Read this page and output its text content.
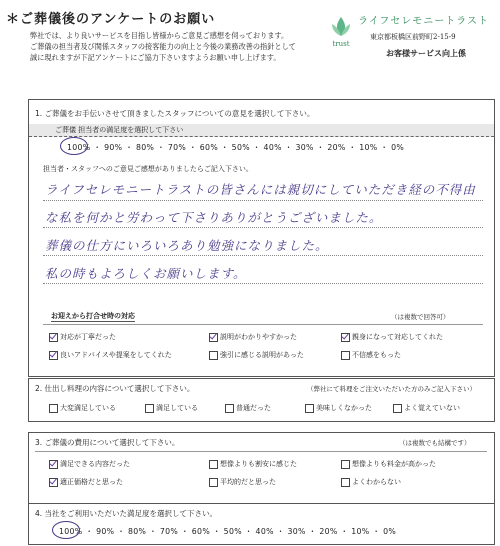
＊ご葬儀後のアンケートのお願い
弊社では、より良いサービスを目指し皆様からご意見ご感想を伺っております。
ご葬儀の担当者及び関係スタッフの接客能力の向上と今後の業務改善の指針として
誠に現れますが下記アンケートにご協力下さいますようお願い申し上げます。
trust
ライフセレモニートラスト
東京都板橋区前野町2-15-9
お客様サービス向上係
1. ご葬儀をお手伝いさせて頂きましたスタッフについての意見を選択して下さい。
ご葬儀 担当者の満足度を選択して下さい
100% ・ 90% ・ 80% ・ 70% ・ 60% ・ 50% ・ 40% ・ 30% ・ 20% ・ 10% ・ 0%
担当者・スタッフへのご意見ご感想がありましたらご記入下さい。
ライフセレモニートラストの皆さんには親切にしていただき経の不得由
な私を何かと労わって下さりありがとうございました。
葬儀の仕方にいろいろあり勉強になりました。
私の時もよろしくお願いします。
お迎えから打合せ時の対応	（は複数で回答可）
対応が丁寧だった	説明がわかりやすかった	親身になって対応してくれた
良いアドバイスや提案をしてくれた	強引に感じる説明があった	不信感をもった
2. 仕出し料理の内容について選択して下さい。	（弊社にて料理をご注文いただいた方のみご記入下さい）
大変満足している	満足している	普通だった	美味しくなかった	よく覚えていない
3. ご葬儀の費用について選択して下さい。	（は複数でも結構です）
満足できる内容だった	想像よりも割安に感じた	想像よりも料金が高かった
適正価格だと思った	平均的だと思った	よくわからない
4. 当社をご利用いただいた満足度を選択して下さい。
100% ・ 90% ・ 80% ・ 70% ・ 60% ・ 50% ・ 40% ・ 30% ・ 20% ・ 10% ・ 0%
